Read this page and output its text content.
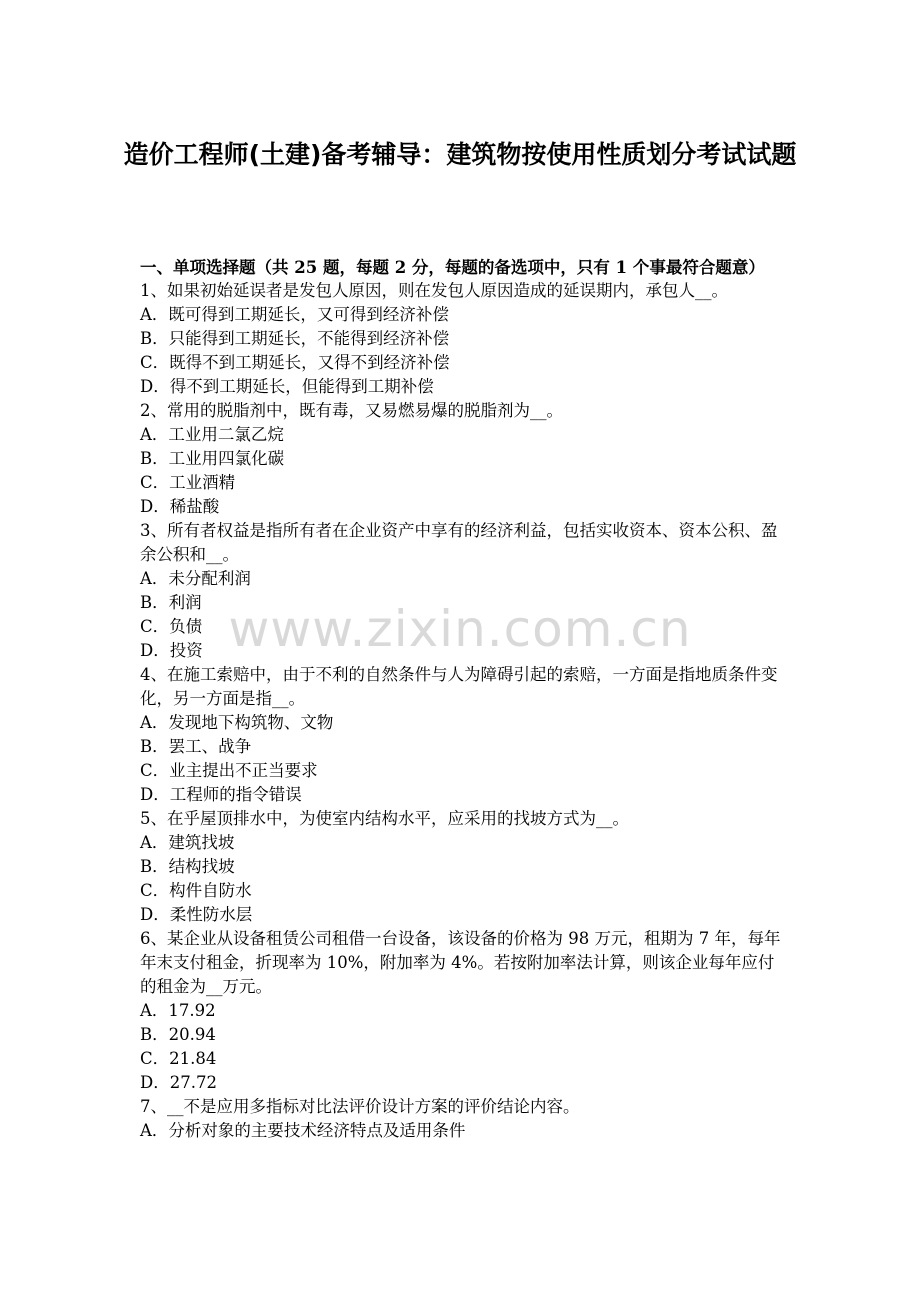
造价工程师(土建)备考辅导：建筑物按使用性质划分考试试题
一、单项选择题（共 25 题，每题 2 分，每题的备选项中，只有 1 个事最符合题意）
1、如果初始延误者是发包人原因，则在发包人原因造成的延误期内，承包人__。
A．既可得到工期延长，又可得到经济补偿
B．只能得到工期延长，不能得到经济补偿
C．既得不到工期延长，又得不到经济补偿
D．得不到工期延长，但能得到工期补偿
2、常用的脱脂剂中，既有毒，又易燃易爆的脱脂剂为__。
A．工业用二氯乙烷
B．工业用四氯化碳
C．工业酒精
D．稀盐酸
3、所有者权益是指所有者在企业资产中享有的经济利益，包括实收资本、资本公积、盈余公积和__。
A．未分配利润
B．利润
C．负债
D．投资
4、在施工索赔中，由于不利的自然条件与人为障碍引起的索赔，一方面是指地质条件变化，另一方面是指__。
A．发现地下构筑物、文物
B．罢工、战争
C．业主提出不正当要求
D．工程师的指令错误
5、在乎屋顶排水中，为使室内结构水平，应采用的找坡方式为__。
A．建筑找坡
B．结构找坡
C．构件自防水
D．柔性防水层
6、某企业从设备租赁公司租借一台设备，该设备的价格为 98 万元，租期为 7 年，每年年末支付租金，折现率为 10%，附加率为 4%。若按附加率法计算，则该企业每年应付的租金为__万元。
A．17.92
B．20.94
C．21.84
D．27.72
7、__不是应用多指标对比法评价设计方案的评价结论内容。
A．分析对象的主要技术经济特点及适用条件
www.zixin.com.cn
